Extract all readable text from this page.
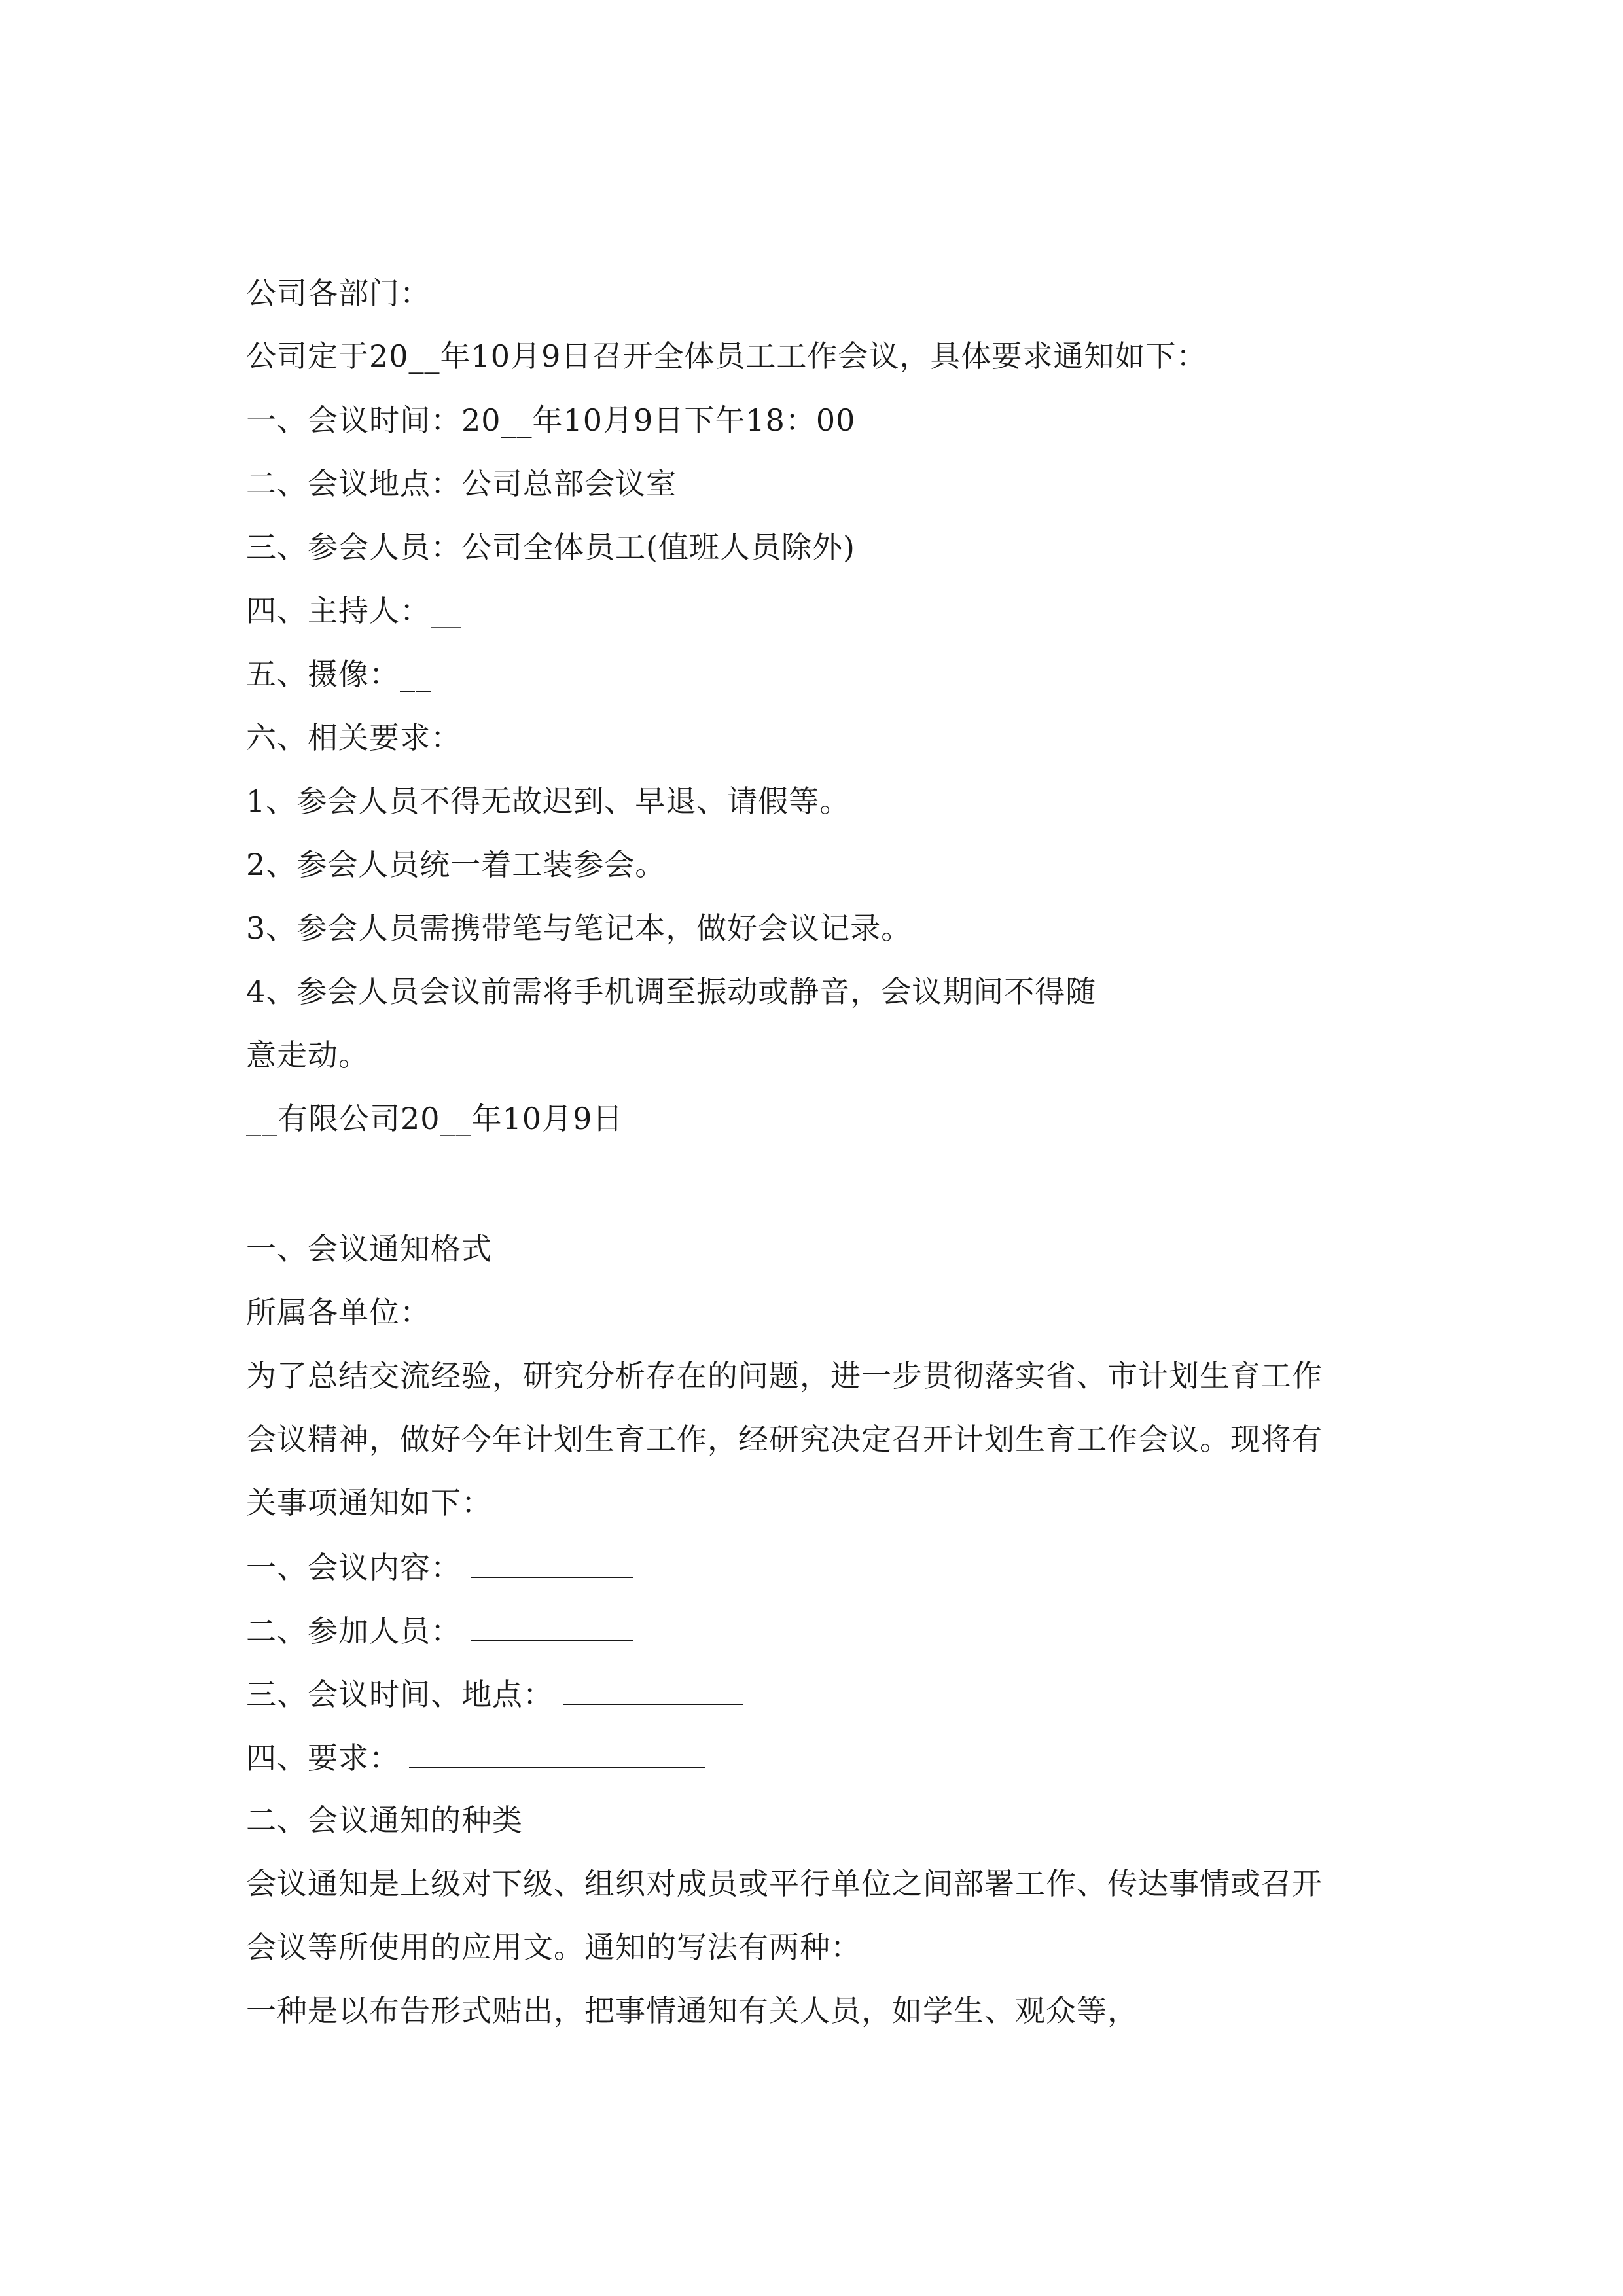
公司各部门：
公司定于20__年10月9日召开全体员工工作会议，具体要求通知如下：
一、会议时间：20__年10月9日下午18：00
二、会议地点：公司总部会议室
三、参会人员：公司全体员工(值班人员除外)
四、主持人：__
五、摄像：__
六、相关要求：
1、参会人员不得无故迟到、早退、请假等。
2、参会人员统一着工装参会。
3、参会人员需携带笔与笔记本，做好会议记录。
4、参会人员会议前需将手机调至振动或静音，会议期间不得随
意走动。
__有限公司20__年10月9日
一、会议通知格式
所属各单位：
为了总结交流经验，研究分析存在的问题，进一步贯彻落实省、市计划生育工作
会议精神，做好今年计划生育工作，经研究决定召开计划生育工作会议。现将有
关事项通知如下：
一、会议内容：
二、参加人员：
三、会议时间、地点：
四、要求：
二、会议通知的种类
会议通知是上级对下级、组织对成员或平行单位之间部署工作、传达事情或召开
会议等所使用的应用文。通知的写法有两种：
一种是以布告形式贴出，把事情通知有关人员，如学生、观众等，
